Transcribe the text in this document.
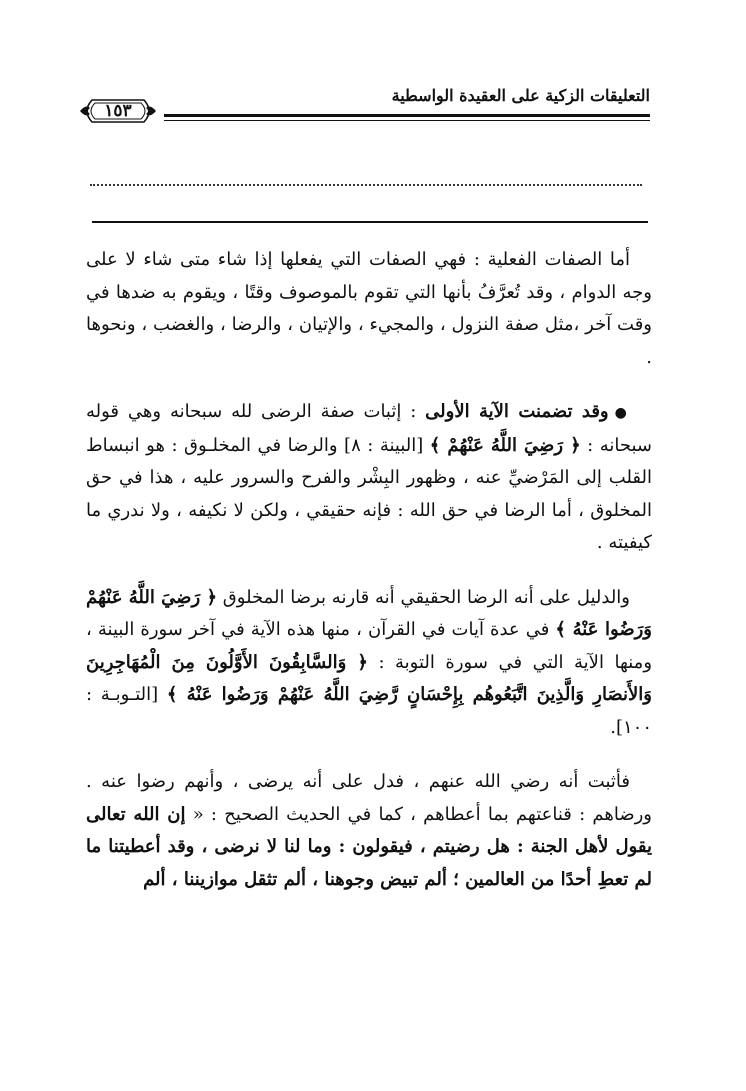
التعليقات الزكية على العقيدة الواسطية
١٥٣

أما الصفات الفعلية : فهي الصفات التي يفعلها إذا شاء متى شاء لا على وجه الدوام ، وقد تُعرَّفُ بأنها التي تقوم بالموصوف وقتًا ، ويقوم به ضدها في وقت آخر ،مثل صفة النزول ، والمجيء ، والإتيان ، والرضا ، والغضب ، ونحوها .

●وقد تضمنت الآية الأولى : إثبات صفة الرضى لله سبحانه وهي قوله سبحانه : ﴿ رَضِيَ اللَّهُ عَنْهُمْ ﴾ [البينة : ٨] والرضا في المخلـوق : هو انبساط القلب إلى المَرْضيِّ عنه ، وظهور البِشْر والفرح والسرور عليه ، هذا في حق المخلوق ، أما الرضا في حق الله : فإنه حقيقي ، ولكن لا نكيفه ، ولا ندري ما كيفيته .

والدليل على أنه الرضا الحقيقي أنه قارنه برضا المخلوق ﴿ رَضِيَ اللَّهُ عَنْهُمْ وَرَضُوا عَنْهُ ﴾ في عدة آيات في القرآن ، منها هذه الآية في آخر سورة البينة ، ومنها الآية التي في سورة التوبة : ﴿ وَالسَّابِقُونَ الأَوَّلُونَ مِنَ الْمُهَاجِرِينَ وَالأَنصَارِ وَالَّذِينَ اتَّبَعُوهُم بِإِحْسَانٍ رَّضِيَ اللَّهُ عَنْهُمْ وَرَضُوا عَنْهُ ﴾ [التـوبـة : ١٠٠].

فأثبت أنه رضي الله عنهم ، فدل على أنه يرضى ، وأنهم رضوا عنه . ورضاهم : قناعتهم بما أعطاهم ، كما في الحديث الصحيح : « إن الله تعالى يقول لأهل الجنة : هل رضيتم ، فيقولون : وما لنا لا نرضى ، وقد أعطيتنا ما لم تعطِ أحدًا من العالمين ؛ ألم تبيض وجوهنا ، ألم تثقل موازيننا ، ألم
